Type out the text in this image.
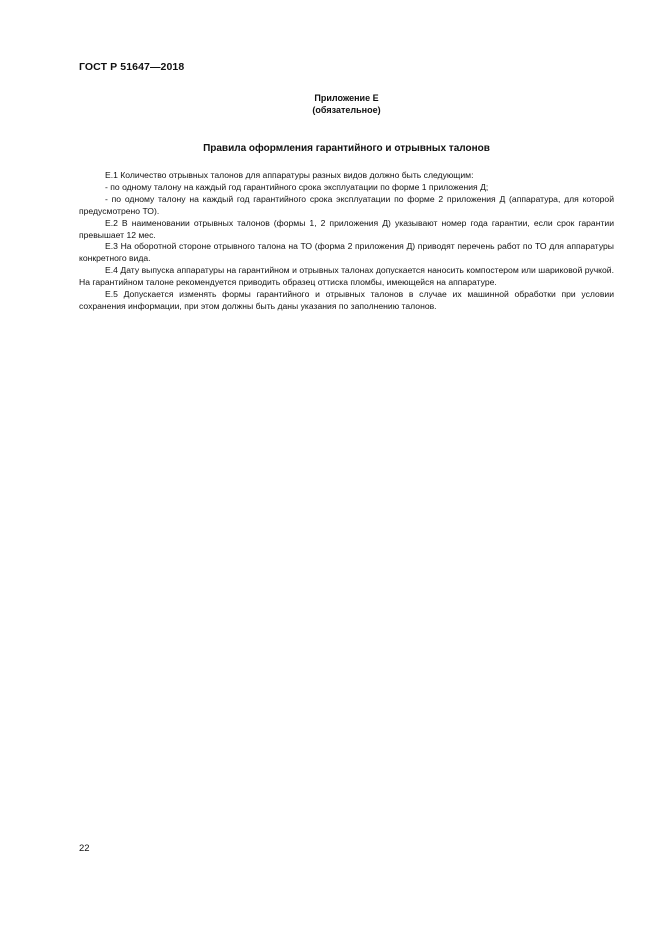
ГОСТ Р 51647—2018
Приложение Е
(обязательное)
Правила оформления гарантийного и отрывных талонов

Е.1 Количество отрывных талонов для аппаратуры разных видов должно быть следующим:

- по одному талону на каждый год гарантийного срока эксплуатации по форме 1 приложения Д;

- по одному талону на каждый год гарантийного срока эксплуатации по форме 2 приложения Д (аппаратура, для которой предусмотрено ТО).

Е.2 В наименовании отрывных талонов (формы 1, 2 приложения Д) указывают номер года гарантии, если срок гарантии превышает 12 мес.

Е.3 На оборотной стороне отрывного талона на ТО (форма 2 приложения Д) приводят перечень работ по ТО для аппаратуры конкретного вида.

Е.4 Дату выпуска аппаратуры на гарантийном и отрывных талонах допускается наносить компостером или шариковой ручкой. На гарантийном талоне рекомендуется приводить образец оттиска пломбы, имеющейся на аппаратуре.

Е.5 Допускается изменять формы гарантийного и отрывных талонов в случае их машинной обработки при условии сохранения информации, при этом должны быть даны указания по заполнению талонов.

22
